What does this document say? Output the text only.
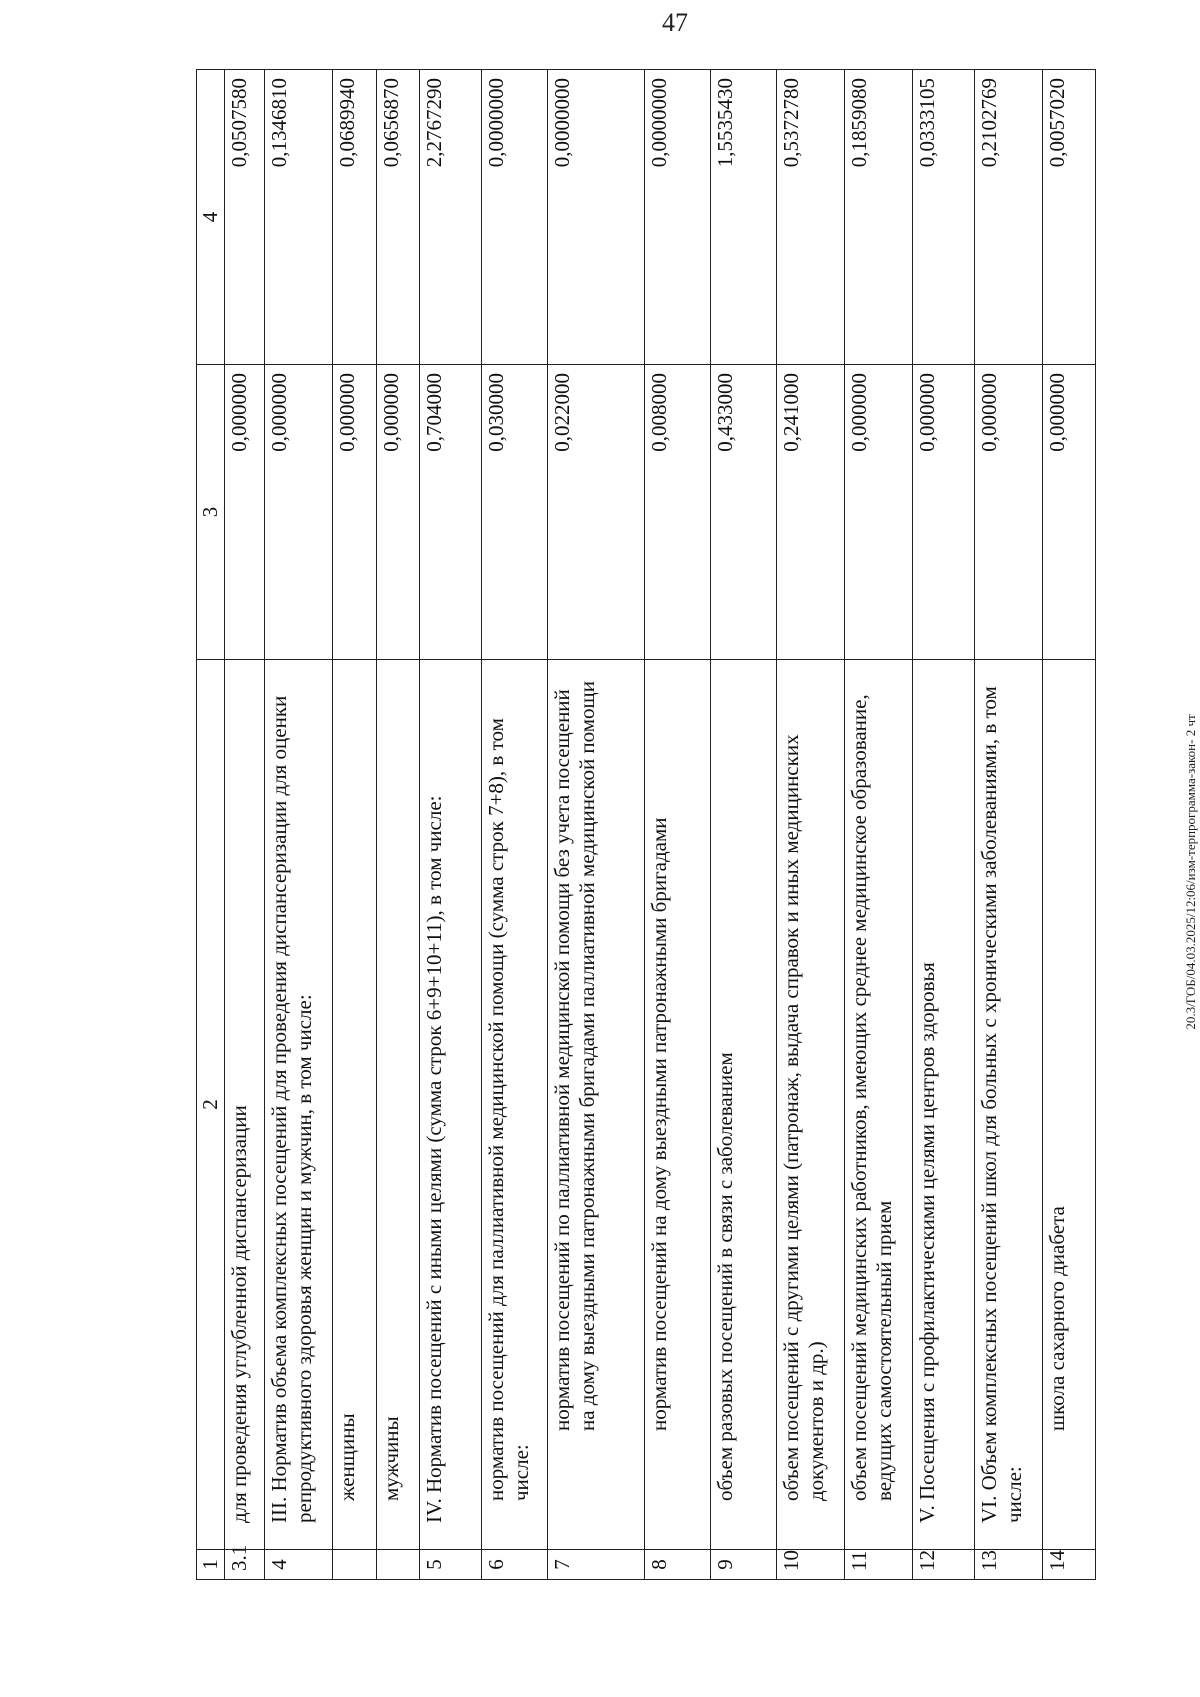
47
20.3/ГОБ/04.03.2025/12:06/изм-терпрограмма-закон- 2 чт
1	2	3	4
3.1	для проведения углубленной диспансеризации	0,000000	0,0507580
4	III. Норматив объема комплексных посещений для проведения диспансеризации для оценки репродуктивного здоровья женщин и мужчин, в том числе:	0,000000	0,1346810
	женщины	0,000000	0,0689940
	мужчины	0,000000	0,0656870
5	IV. Норматив посещений с иными целями (сумма строк 6+9+10+11), в том числе:	0,704000	2,2767290
6	норматив посещений для паллиативной медицинской помощи (сумма строк 7+8), в том числе:	0,030000	0,0000000
7	норматив посещений по паллиативной медицинской помощи без учета посещений на дому выездными патронажными бригадами паллиативной медицинской помощи	0,022000	0,0000000
8	норматив посещений на дому выездными патронажными бригадами	0,008000	0,0000000
9	объем разовых посещений в связи с заболеванием	0,433000	1,5535430
10	объем посещений с другими целями (патронаж, выдача справок и иных медицинских документов и др.)	0,241000	0,5372780
11	объем посещений медицинских работников, имеющих среднее медицинское образование, ведущих самостоятельный прием	0,000000	0,1859080
12	V. Посещения с профилактическими целями центров здоровья	0,000000	0,0333105
13	VI. Объем комплексных посещений школ для больных с хроническими заболеваниями, в том числе:	0,000000	0,2102769
14	школа сахарного диабета	0,000000	0,0057020
